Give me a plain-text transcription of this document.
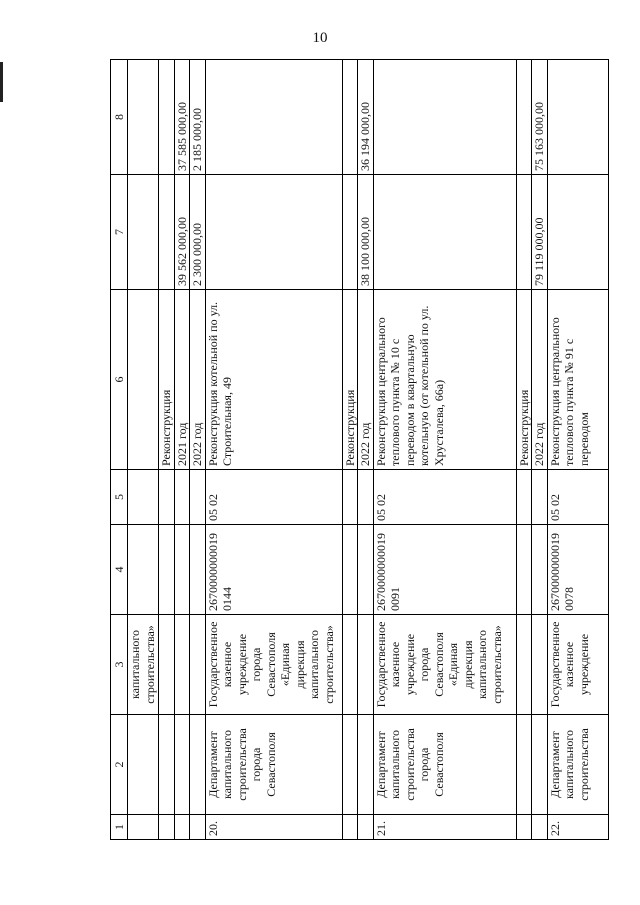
10
1	2	3	4	5	6	7	8
		капитального строительства»					
					Реконструкция		
					2021 год	39 562 000,00	37 585 000,00
					2022 год	2 300 000,00	2 185 000,00
20.	Департамент капитального строительства города Севастополя	Государственное казенное учреждение города Севастополя «Единая дирекция капитального строительства»	26700000000190144	05 02	Реконструкция котельной по ул. Строительная, 49		
					Реконструкция		
					2022 год	38 100 000,00	36 194 000,00
21.	Департамент капитального строительства города Севастополя	Государственное казенное учреждение города Севастополя «Единая дирекция капитального строительства»	26700000000190091	05 02	Реконструкция центрального теплового пункта № 10 с переводом в квартальную котельную (от котельной по ул. Хрусталева, 66а)		
					Реконструкция		
					2022 год	79 119 000,00	75 163 000,00
22.	Департамент капитального строительства	Государственное казенное учреждение	26700000000190078	05 02	Реконструкция центрального теплового пункта № 91 с переводом		
